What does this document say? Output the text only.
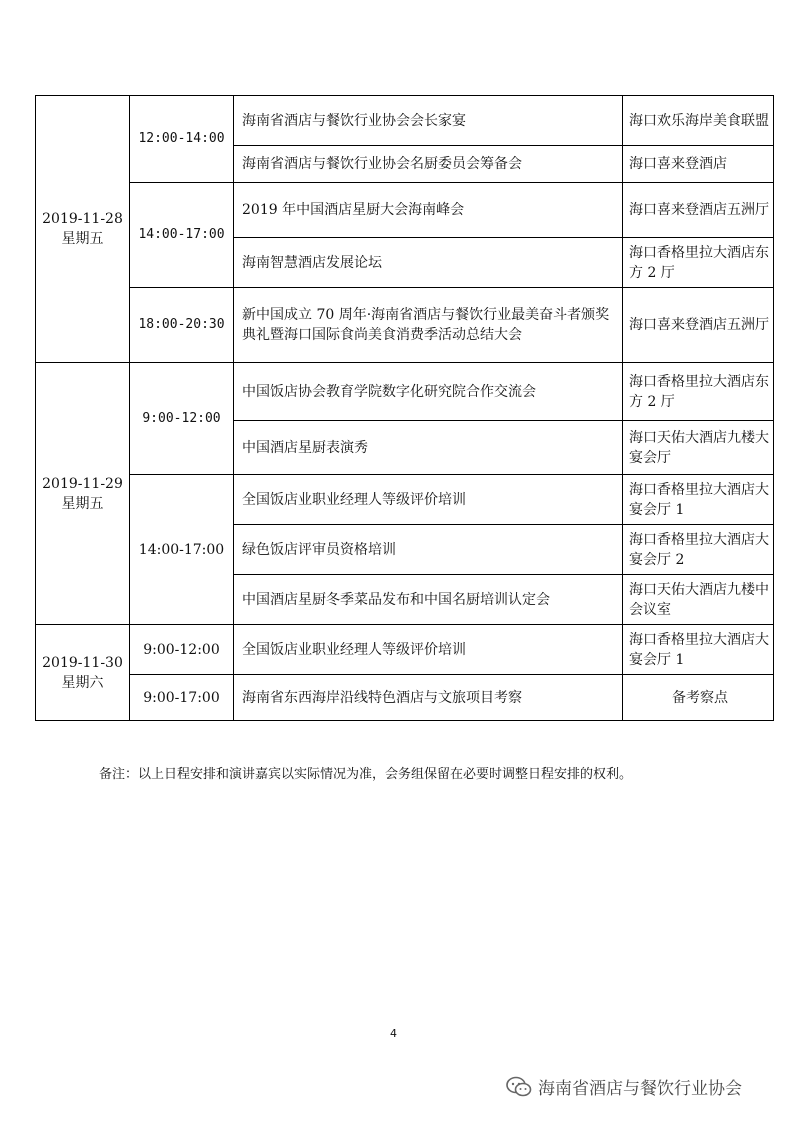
2019-11-28
星期五	12:00-14:00	海南省酒店与餐饮行业协会会长家宴	海口欢乐海岸美食联盟
		海南省酒店与餐饮行业协会名厨委员会筹备会	海口喜来登酒店
	14:00-17:00	2019 年中国酒店星厨大会海南峰会	海口喜来登酒店五洲厅
		海南智慧酒店发展论坛	海口香格里拉大酒店东方 2 厅
	18:00-20:30	新中国成立 70 周年·海南省酒店与餐饮行业最美奋斗者颁奖典礼暨海口国际食尚美食消费季活动总结大会	海口喜来登酒店五洲厅

2019-11-29
星期五	9:00-12:00	中国饭店协会教育学院数字化研究院合作交流会	海口香格里拉大酒店东方 2 厅
		中国酒店星厨表演秀	海口天佑大酒店九楼大宴会厅
	14:00-17:00	全国饭店业职业经理人等级评价培训	海口香格里拉大酒店大宴会厅 1
		绿色饭店评审员资格培训	海口香格里拉大酒店大宴会厅 2
		中国酒店星厨冬季菜品发布和中国名厨培训认定会	海口天佑大酒店九楼中会议室

2019-11-30
星期六	9:00-12:00	全国饭店业职业经理人等级评价培训	海口香格里拉大酒店大宴会厅 1
	9:00-17:00	海南省东西海岸沿线特色酒店与文旅项目考察	备考察点
备注：以上日程安排和演讲嘉宾以实际情况为准，会务组保留在必要时调整日程安排的权利。
4
海南省酒店与餐饮行业协会
